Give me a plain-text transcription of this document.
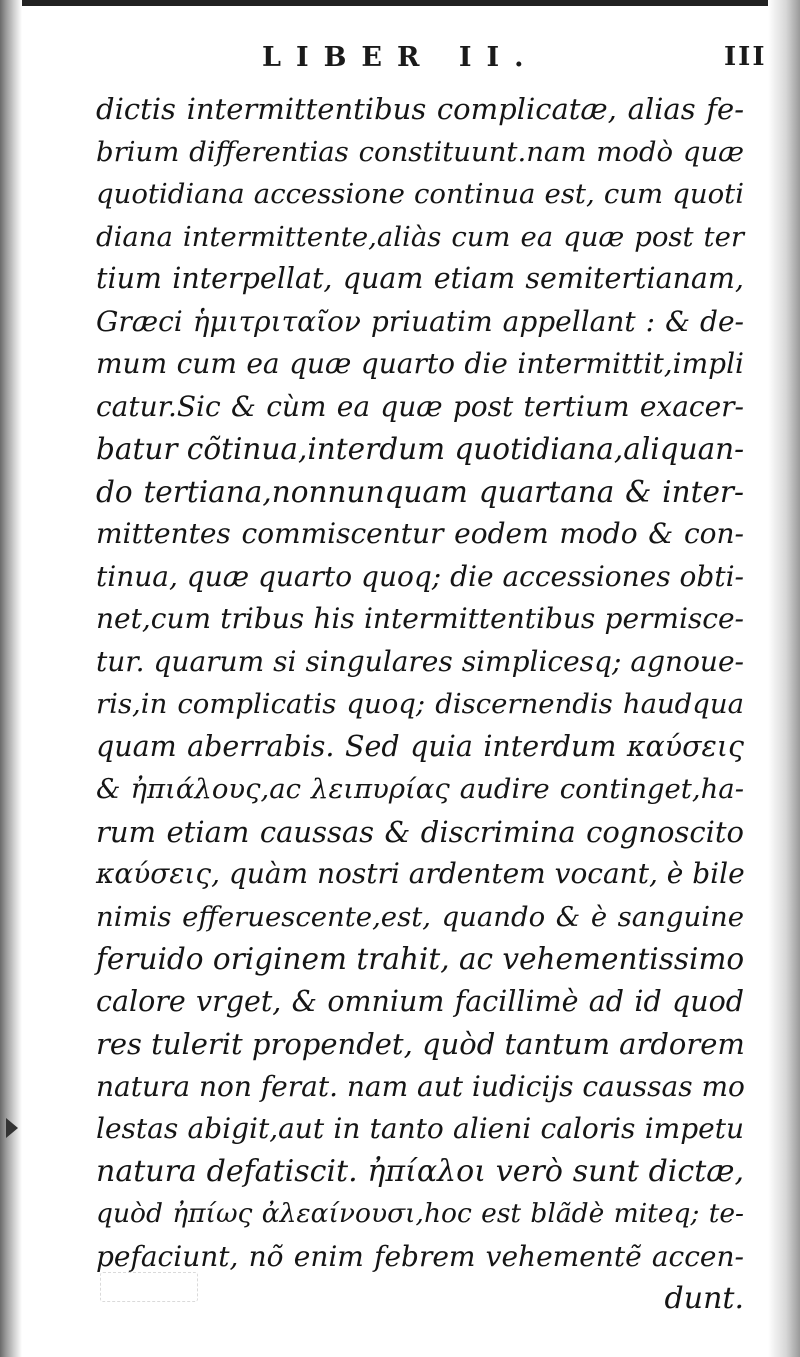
LIBER II.	III
dictis intermittentibus complicatæ, alias fe-
brium differentias constituunt.nam modò quæ
quotidiana accessione continua est, cum quoti
diana intermittente,aliàs cum ea quæ post ter
tium interpellat, quam etiam semitertianam,
Græci ἡμιτριταῖον priuatim appellant : & de-
mum cum ea quæ quarto die intermittit,impli
catur.Sic & cùm ea quæ post tertium exacer-
batur cõtinua,interdum quotidiana,aliquan-
do tertiana,nonnunquam quartana & inter-
mittentes commiscentur eodem modo & con-
tinua, quæ quarto quoq; die accessiones obti-
net,cum tribus his intermittentibus permisce-
tur. quarum si singulares simplicesq; agnoue-
ris,in complicatis quoq; discernendis haudqua
quam aberrabis. Sed quia interdum καύσεις
& ἠπιάλους,ac λειπυρίας audire continget,ha-
rum etiam caussas & discrimina cognoscito
καύσεις, quàm nostri ardentem vocant, è bile
nimis efferuescente,est, quando & è sanguine
feruido originem trahit, ac vehementissimo
calore vrget, & omnium facillimè ad id quod
res tulerit propendet, quòd tantum ardorem
natura non ferat. nam aut iudicijs caussas mo
lestas abigit,aut in tanto alieni caloris impetu
natura defatiscit. ἠπίαλοι verò sunt dictæ,
quòd ἠπίως ἀλεαίνουσι,hoc est blãdè miteq; te-
pefaciunt, nõ enim febrem vehementẽ accen-
dunt.
